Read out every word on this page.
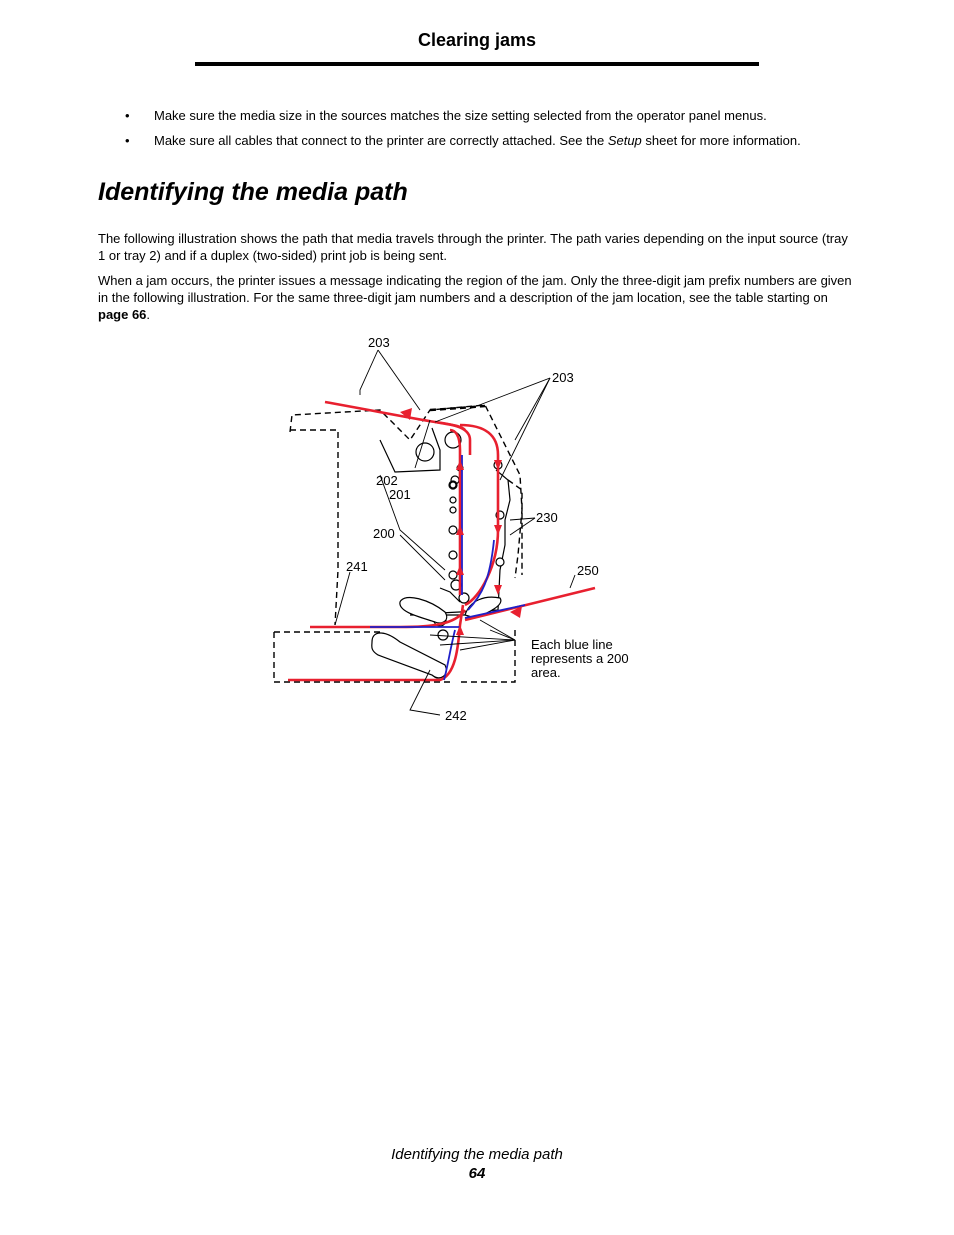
Clearing jams
• Make sure the media size in the sources matches the size setting selected from the operator panel menus.
• Make sure all cables that connect to the printer are correctly attached. See the Setup sheet for more information.
Identifying the media path

The following illustration shows the path that media travels through the printer. The path varies depending on the input source (tray 1 or tray 2) and if a duplex (two-sided) print job is being sent.

When a jam occurs, the printer issues a message indicating the region of the jam. Only the three-digit jam prefix numbers are given in the following illustration. For the same three-digit jam numbers and a description of the jam location, see the table starting on page 66.

203
203
202
201
230
200
241	250
Each blue line
represents a 200
area.
242
Identifying the media path
64
